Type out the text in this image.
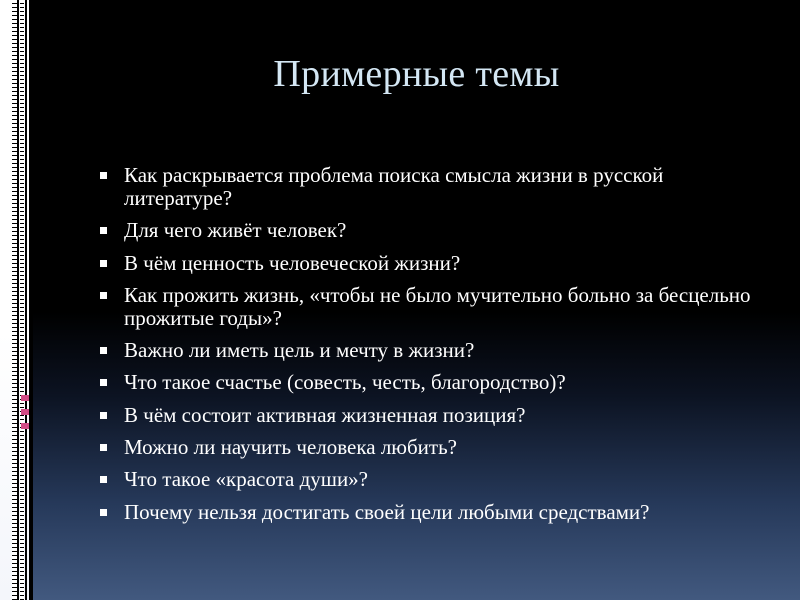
Примерные темы
Как раскрывается проблема поиска смысла жизни в русской литературе?
Для чего живёт человек?
В чём ценность человеческой жизни?
Как прожить жизнь, «чтобы не было мучительно больно за бесцельно прожитые годы»?
Важно ли иметь цель и мечту в жизни?
Что такое счастье (совесть, честь, благородство)?
В чём состоит активная жизненная позиция?
Можно ли научить человека любить?
Что такое «красота души»?
Почему нельзя достигать своей цели любыми средствами?
